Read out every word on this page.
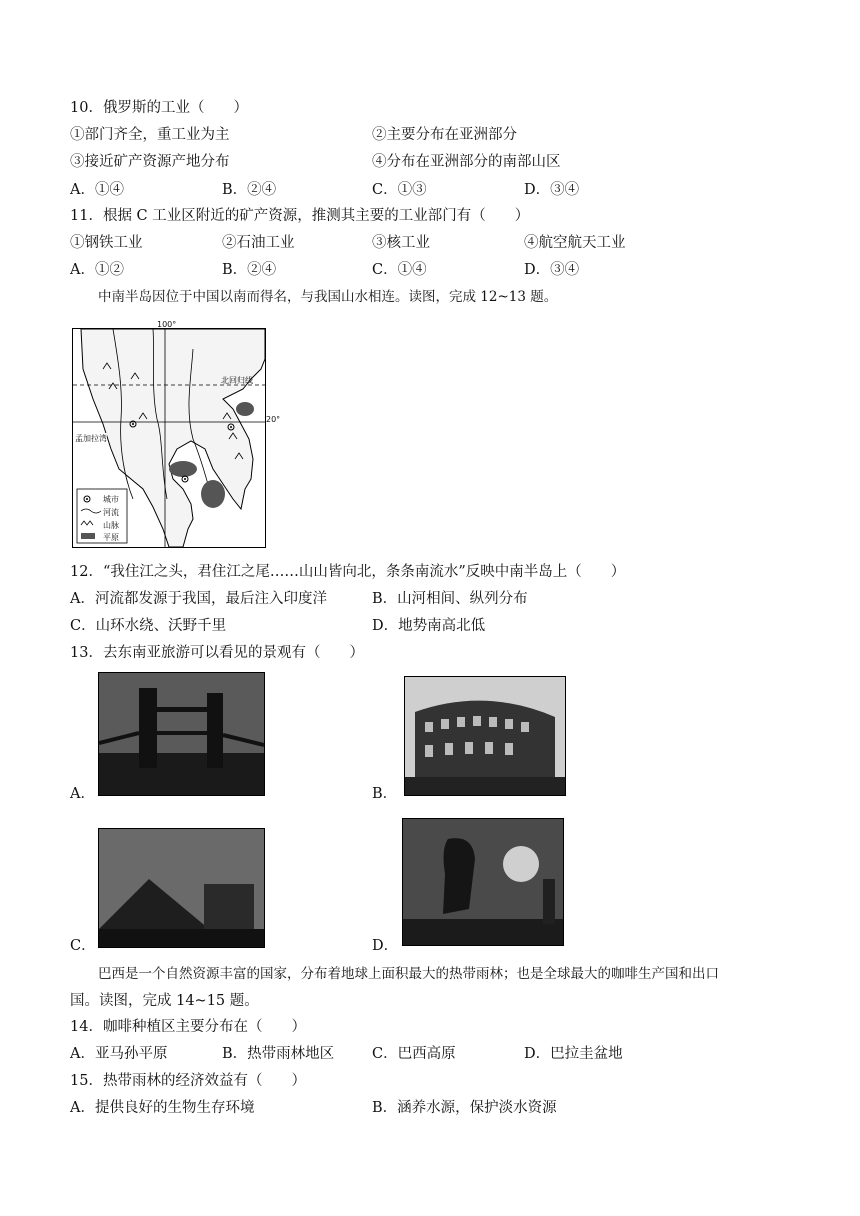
10．俄罗斯的工业（　　）
①部门齐全，重工业为主	②主要分布在亚洲部分
③接近矿产资源产地分布	④分布在亚洲部分的南部山区
A．①④	B．②④	C．①③	D．③④
11．根据 C 工业区附近的矿产资源，推测其主要的工业部门有（　　）
①钢铁工业	②石油工业	③核工业	④航空航天工业
A．①②	B．②④	C．①④	D．③④
中南半岛因位于中国以南而得名，与我国山水相连。读图，完成 12~13 题。
100°
20°
北回归线
孟加拉湾
城市
河流
山脉
平原
12．“我住江之头，君住江之尾……山山皆向北，条条南流水”反映中南半岛上（　　）
A．河流都发源于我国，最后注入印度洋	B．山河相间、纵列分布
C．山环水绕、沃野千里	D．地势南高北低
13．去东南亚旅游可以看见的景观有（　　）
A．	B．
C．	D．
巴西是一个自然资源丰富的国家，分布着地球上面积最大的热带雨林；也是全球最大的咖啡生产国和出口
国。读图，完成 14~15 题。
14．咖啡种植区主要分布在（　　）
A．亚马孙平原	B．热带雨林地区	C．巴西高原	D．巴拉圭盆地
15．热带雨林的经济效益有（　　）
A．提供良好的生物生存环境	B．涵养水源，保护淡水资源
